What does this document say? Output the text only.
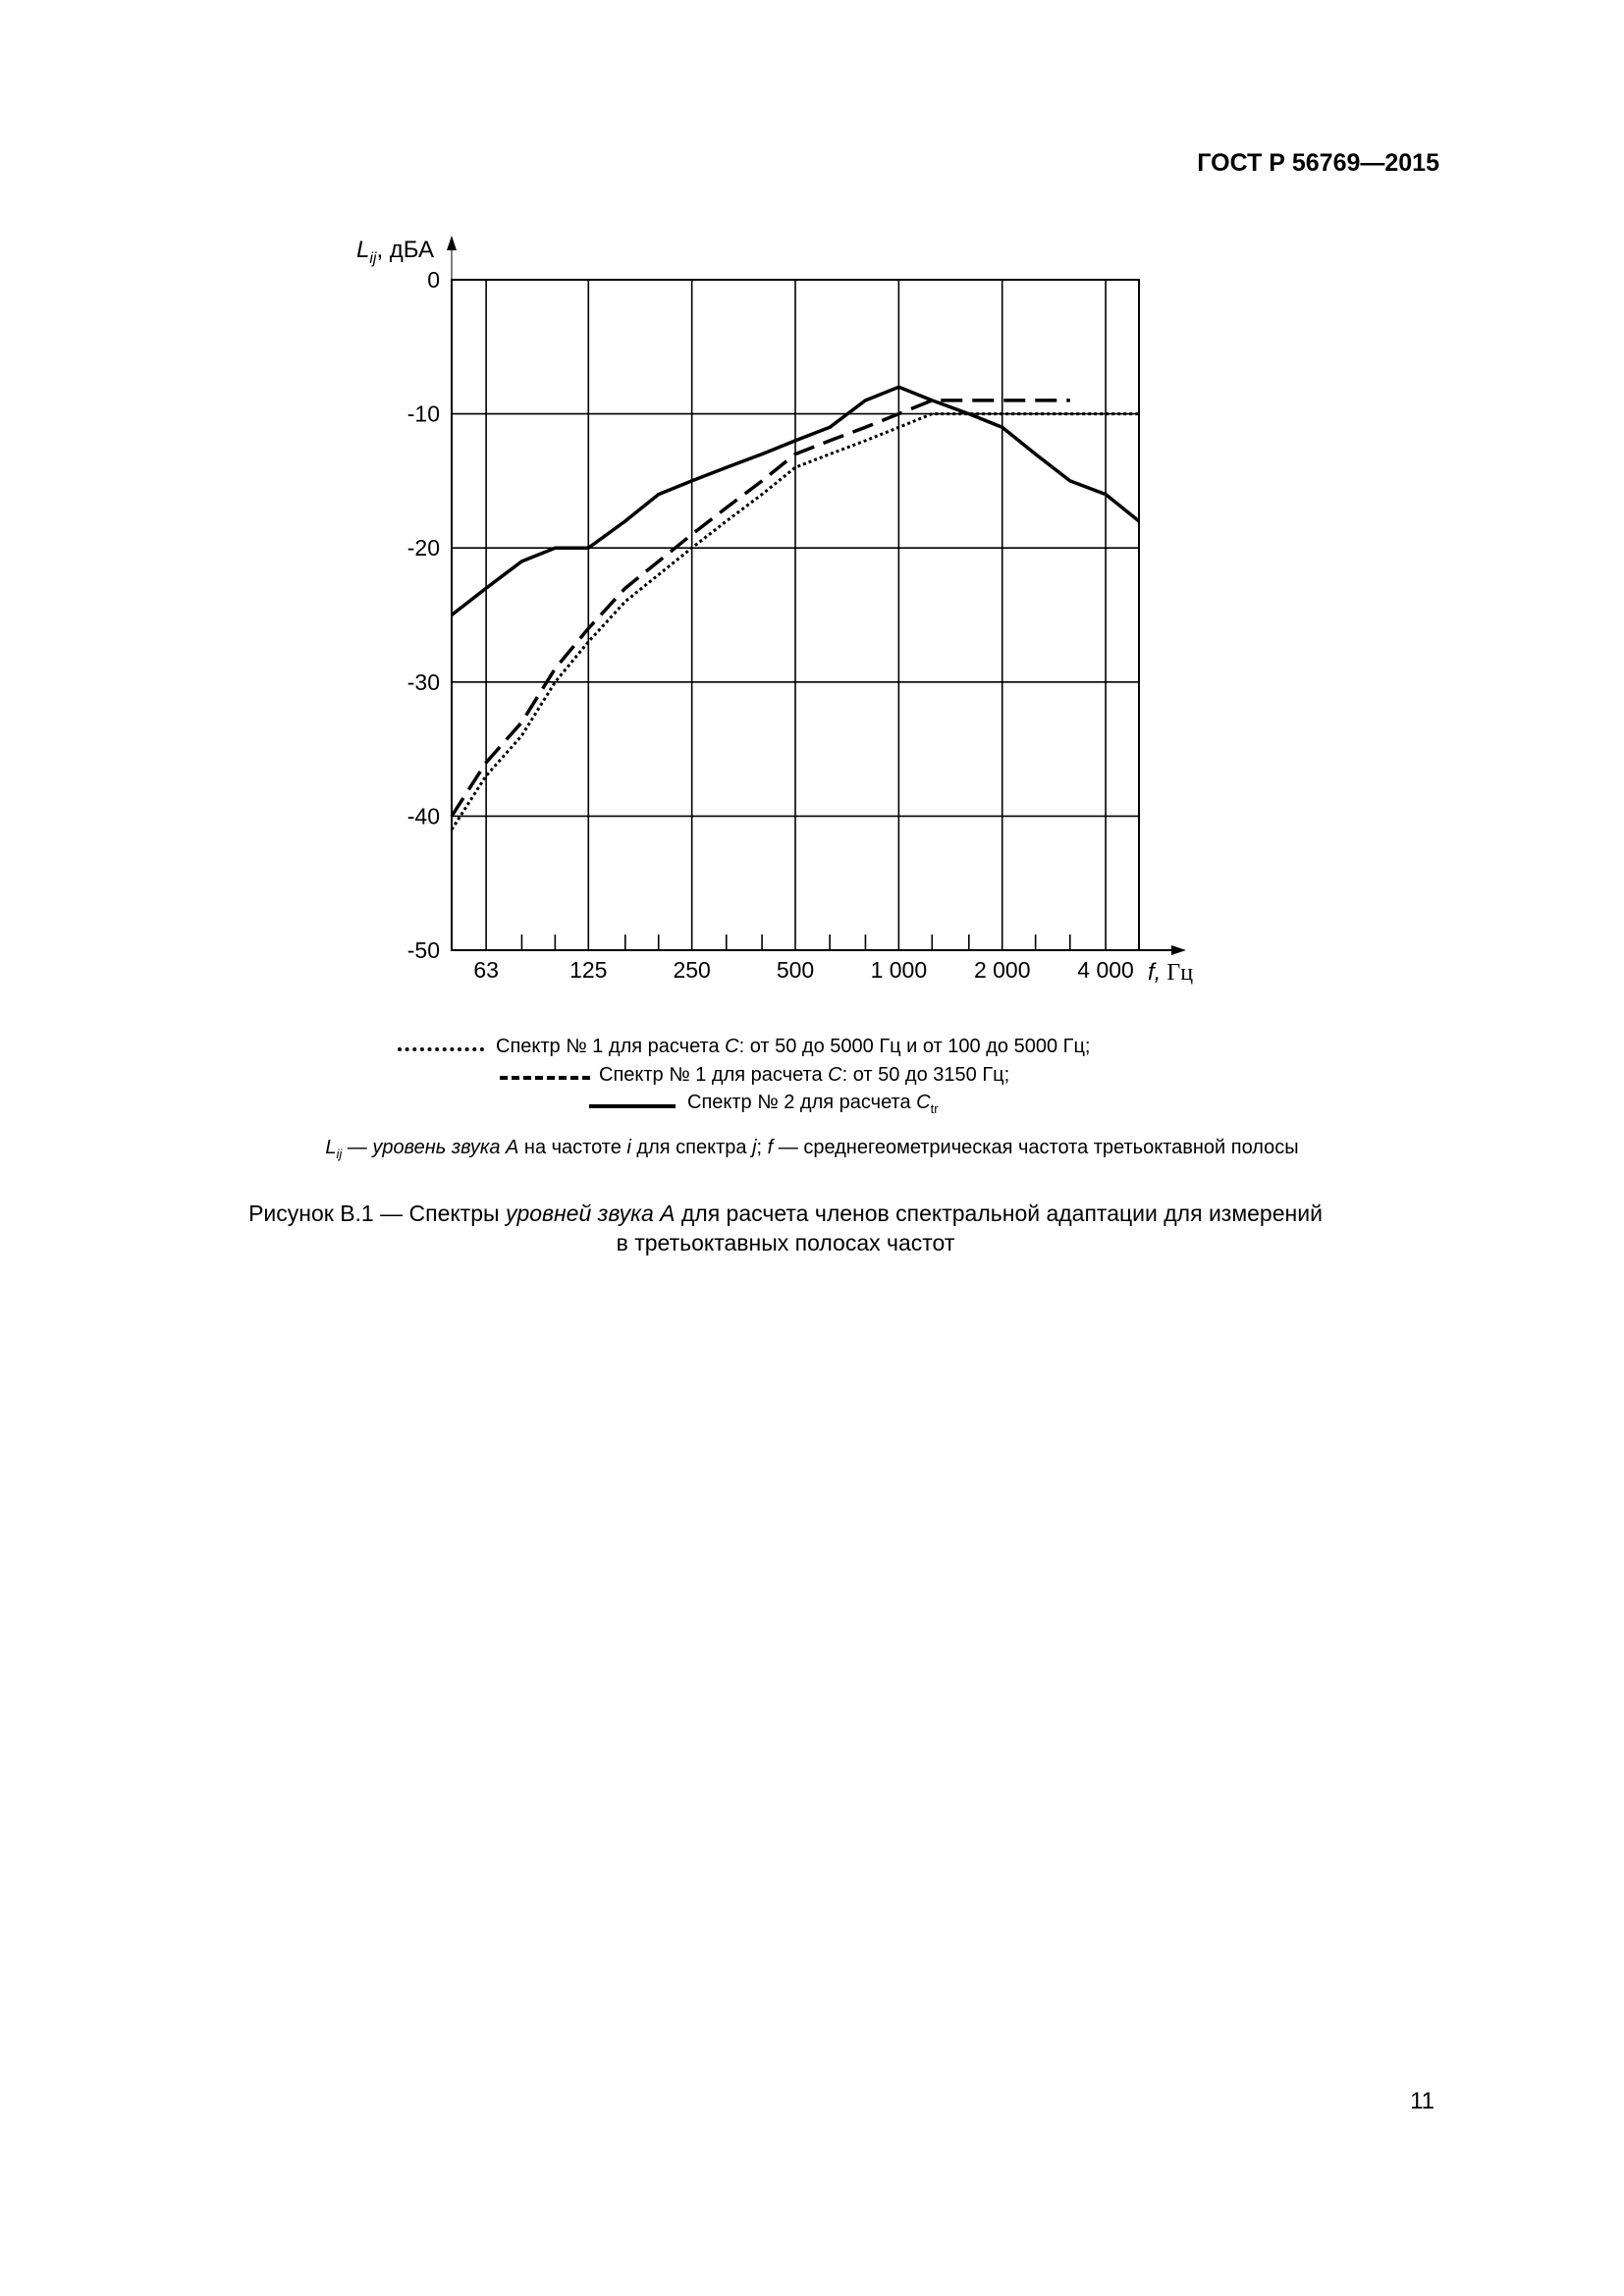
ГОСТ Р 56769—2015
0
-10
-20
-30
-40
-50
63	125	250	500 1 000 2 000 4 000
$L_{ij}$, дБА
f, Гц
Спектр № 1 для расчета C: от 50 до 5000 Гц и от 100 до 5000 Гц;
Спектр № 1 для расчета C: от 50 до 3150 Гц;
Спектр № 2 для расчета $C_{tr}$
$L_{ij}$ — уровень звука А на частоте i для спектра j; f — среднегеометрическая частота третьоктавной полосы
Рисунок В.1 — Спектры уровней звука А для расчета членов спектральной адаптации для измерений
в третьоктавных полосах частот
11
